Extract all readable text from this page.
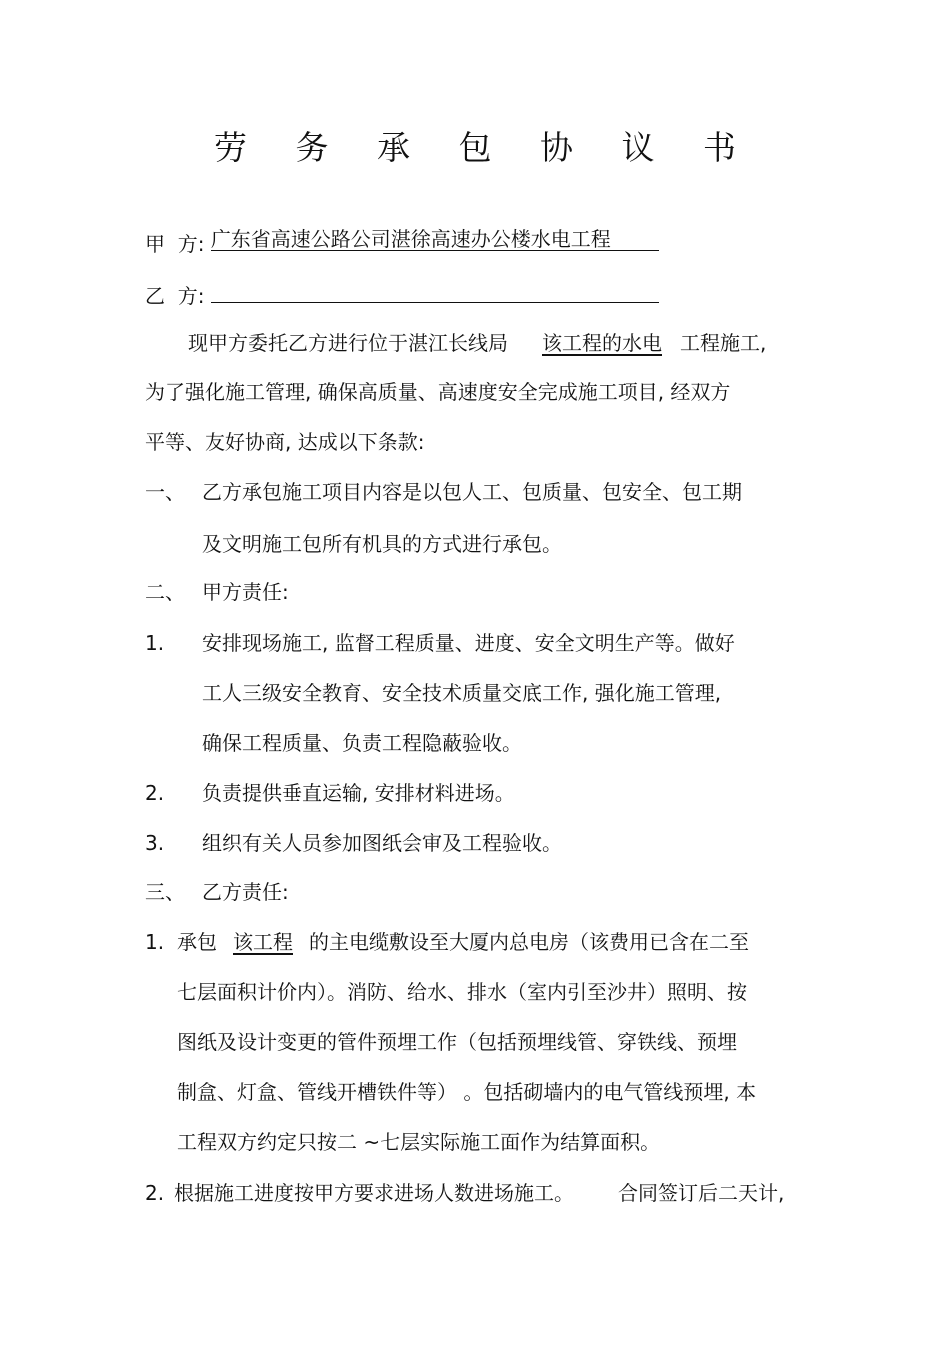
劳 务 承 包 协 议 书
甲  方: 广东省高速公路公司湛徐高速办公楼水电工程
乙  方:
现甲方委托乙方进行位于湛江长线局 该工程的水电 工程施工,
为了强化施工管理, 确保高质量、高速度安全完成施工项目, 经双方
平等、友好协商, 达成以下条款:
一、 乙方承包施工项目内容是以包人工、包质量、包安全、包工期
及文明施工包所有机具的方式进行承包。
二、 甲方责任:
1. 安排现场施工, 监督工程质量、进度、安全文明生产等。做好
工人三级安全教育、安全技术质量交底工作, 强化施工管理,
确保工程质量、负责工程隐蔽验收。
2. 负责提供垂直运输, 安排材料进场。
3. 组织有关人员参加图纸会审及工程验收。
三、 乙方责任:
1. 承包 该工程 的主电缆敷设至大厦内总电房（该费用已含在二至
七层面积计价内）。消防、给水、排水（室内引至沙井）照明、按
图纸及设计变更的管件预埋工作（包括预埋线管、穿铁线、预埋
制盒、灯盒、管线开槽铁件等） 。包括砌墙内的电气管线预埋, 本
工程双方约定只按二 ~七层实际施工面作为结算面积。
2. 根据施工进度按甲方要求进场人数进场施工。 合同签订后二天计,
